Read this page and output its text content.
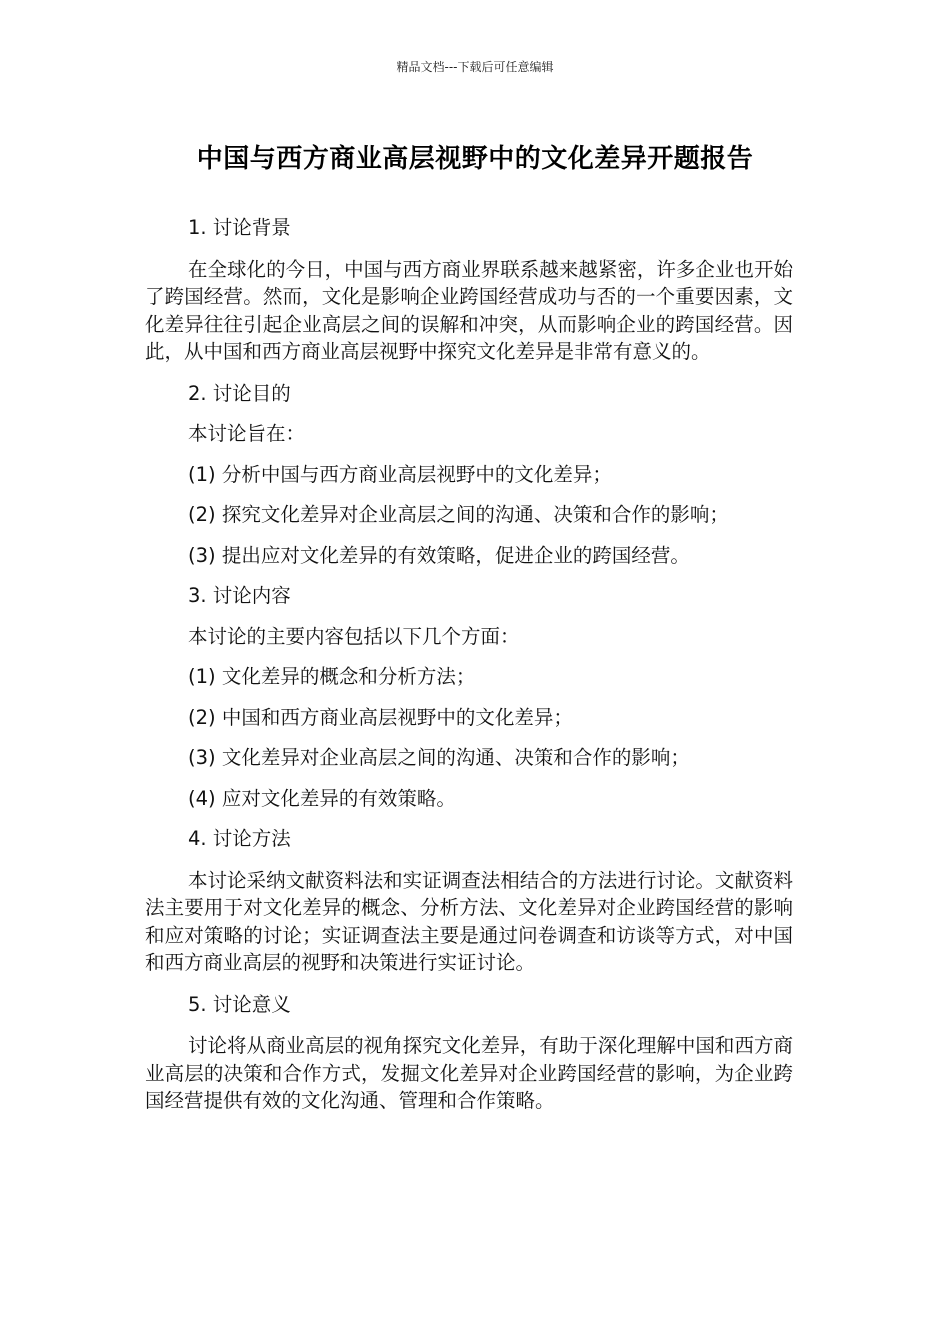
精品文档---下载后可任意编辑
中国与西方商业高层视野中的文化差异开题报告

1. 讨论背景

在全球化的今日，中国与西方商业界联系越来越紧密，许多企业也开始了跨国经营。然而，文化是影响企业跨国经营成功与否的一个重要因素，文化差异往往引起企业高层之间的误解和冲突，从而影响企业的跨国经营。因此，从中国和西方商业高层视野中探究文化差异是非常有意义的。

2. 讨论目的

本讨论旨在：

(1) 分析中国与西方商业高层视野中的文化差异；

(2) 探究文化差异对企业高层之间的沟通、决策和合作的影响；

(3) 提出应对文化差异的有效策略，促进企业的跨国经营。

3. 讨论内容

本讨论的主要内容包括以下几个方面：

(1) 文化差异的概念和分析方法；

(2) 中国和西方商业高层视野中的文化差异；

(3) 文化差异对企业高层之间的沟通、决策和合作的影响；

(4) 应对文化差异的有效策略。

4. 讨论方法

本讨论采纳文献资料法和实证调查法相结合的方法进行讨论。文献资料法主要用于对文化差异的概念、分析方法、文化差异对企业跨国经营的影响和应对策略的讨论；实证调查法主要是通过问卷调查和访谈等方式，对中国和西方商业高层的视野和决策进行实证讨论。

5. 讨论意义

讨论将从商业高层的视角探究文化差异，有助于深化理解中国和西方商业高层的决策和合作方式，发掘文化差异对企业跨国经营的影响，为企业跨国经营提供有效的文化沟通、管理和合作策略。
